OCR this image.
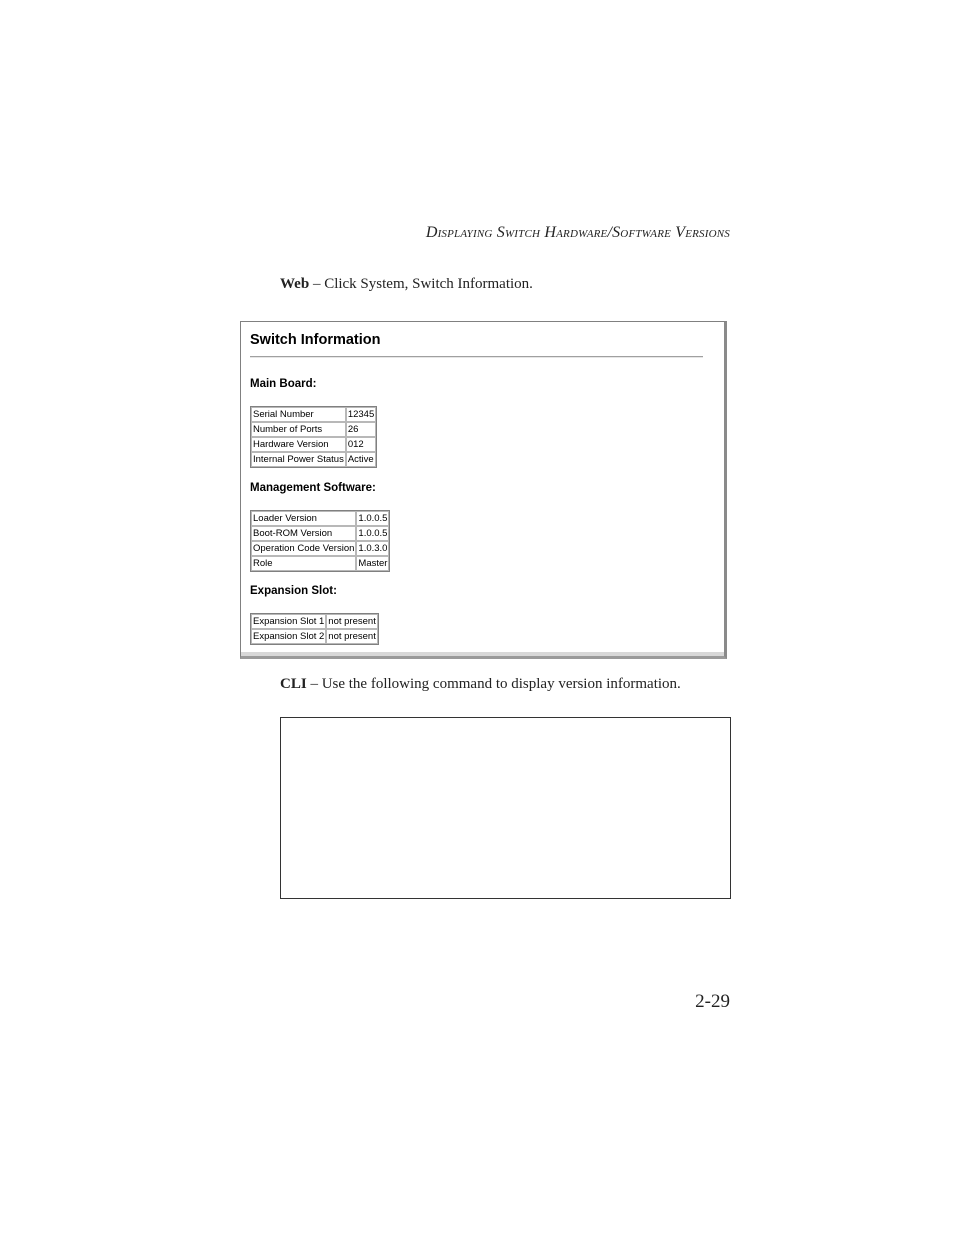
Displaying Switch Hardware/Software Versions
Web – Click System, Switch Information.
Switch Information
Main Board:
Serial Number	12345
Number of Ports	26
Hardware Version	012
Internal Power Status	Active
Management Software:
Loader Version	1.0.0.5
Boot-ROM Version	1.0.0.5
Operation Code Version	1.0.3.0
Role	Master
Expansion Slot:
Expansion Slot 1	not present
Expansion Slot 2	not present
CLI – Use the following command to display version information.
2-29
